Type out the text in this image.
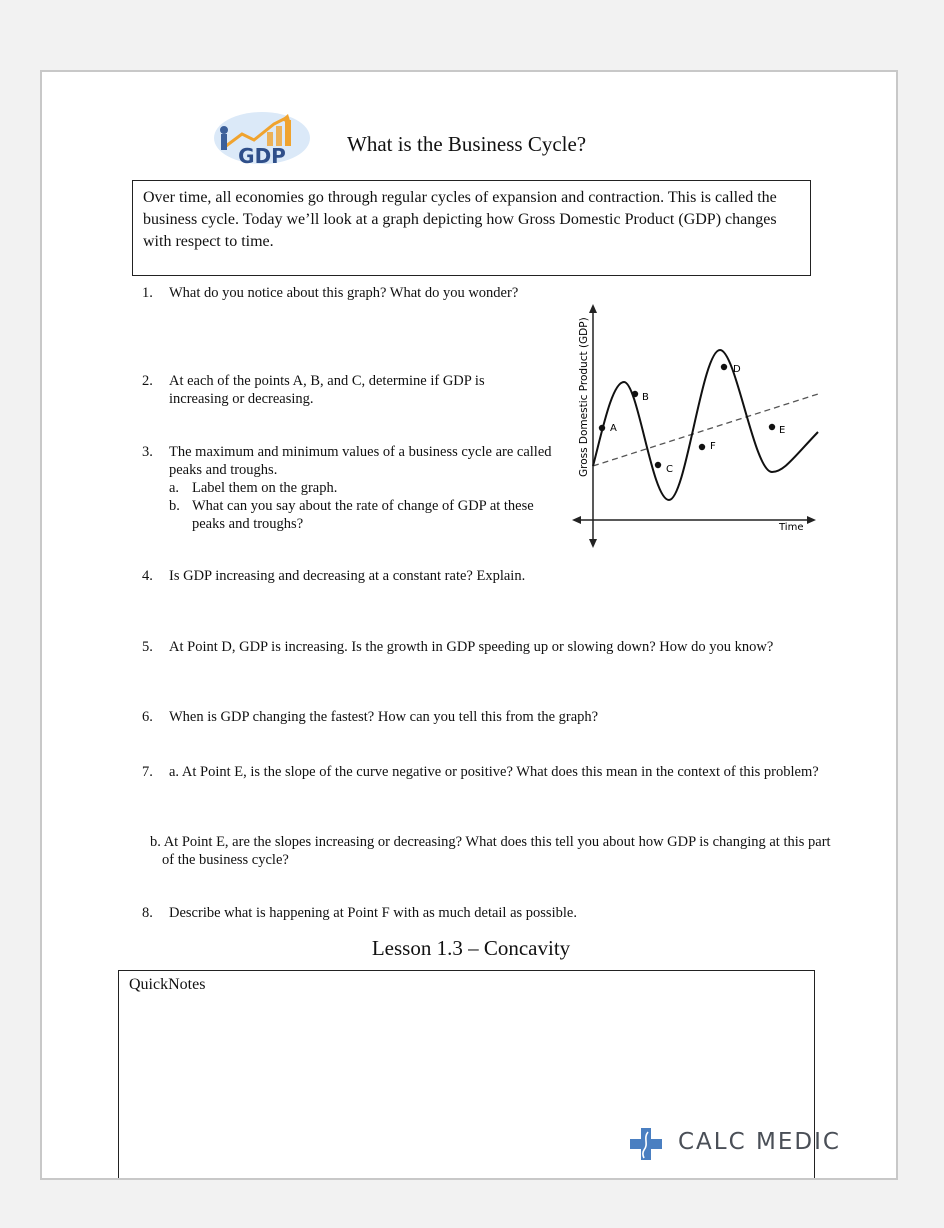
GDP	What is the Business Cycle?
Over time, all economies go through regular cycles of expansion and contraction. This is called the business cycle. Today we’ll look at a graph depicting how Gross Domestic Product (GDP) changes with respect to time.
1. What do you notice about this graph? What do you wonder?
2. At each of the points A, B, and C, determine if GDP is increasing or decreasing.
3. The maximum and minimum values of a business cycle are called peaks and troughs.
a. Label them on the graph.
b. What can you say about the rate of change of GDP at these peaks and troughs?
A
B
C
D
E
F
Gross Domestic Product (GDP)
Time
4. Is GDP increasing and decreasing at a constant rate? Explain.
5. At Point D, GDP is increasing. Is the growth in GDP speeding up or slowing down? How do you know?
6. When is GDP changing the fastest? How can you tell this from the graph?
7. a. At Point E, is the slope of the curve negative or positive? What does this mean in the context of this problem?
b. At Point E, are the slopes increasing or decreasing? What does this tell you about how GDP is changing at this part of the business cycle?
8. Describe what is happening at Point F with as much detail as possible.
Lesson 1.3 – Concavity
QuickNotes
CALC MEDIC
